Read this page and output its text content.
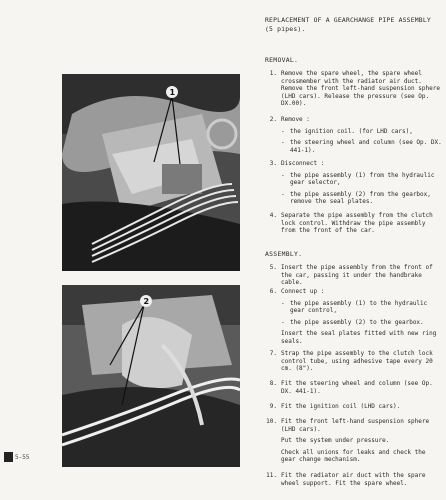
1
2
REPLACEMENT OF A GEARCHANGE PIPE ASSEMBLY (5 pipes).
REMOVAL.
1. Remove the spare wheel, the spare wheel crossmember with the radiator air duct. Remove the front left-hand suspension sphere (LHD cars). Release the pressure (see Op. DX.00).
2. Remove :
- the ignition coil. (for LHD cars),
- the steering wheel and column (see Op. DX. 441-1).
3. Disconnect :
- the pipe assembly (1) from the hydraulic gear selector,
- the pipe assembly (2) from the gearbox, remove the seal plates.
4. Separate the pipe assembly from the clutch lock control. Withdraw the pipe assembly from the front of the car.
ASSEMBLY.
5. Insert the pipe assembly from the front of the car, passing it under the handbrake cable.
6. Connect up :
- the pipe assembly (1) to the hydraulic gear control,
- the pipe assembly (2) to the gearbox.
Insert the seal plates fitted with new ring seals.
7. Strap the pipe assembly to the clutch lock control tube, using adhesive tape every 20 cm. (8").
8. Fit the steering wheel and column (see Op. DX. 441-1).
9. Fit the ignition coil (LHD cars).
10. Fit the front left-hand suspension sphere (LHD cars).
Put the system under pressure.
Check all unions for leaks and check the gear change mechanism.
11. Fit the radiator air duct with the spare wheel support. Fit the spare wheel.
5-55
